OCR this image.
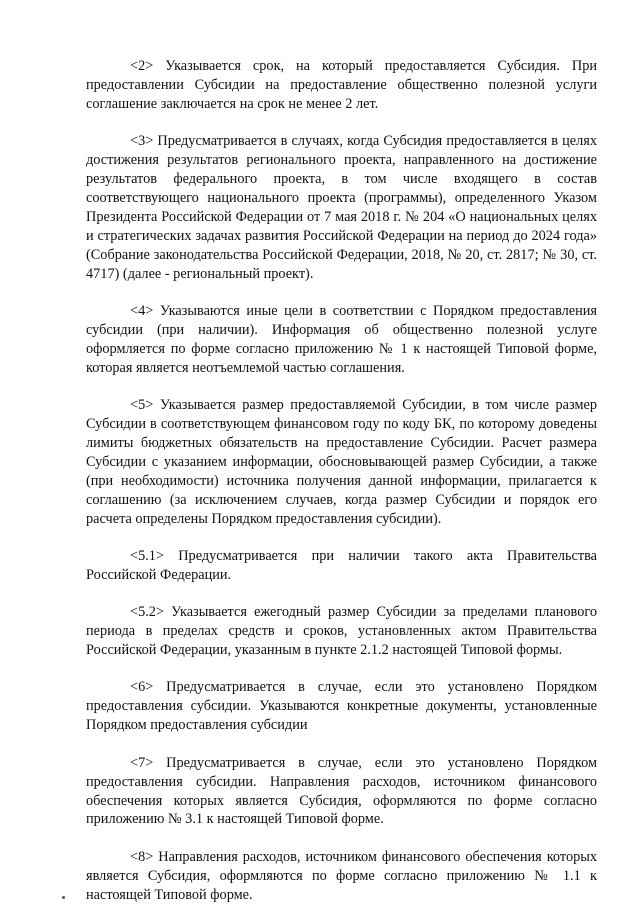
<2> Указывается срок, на который предоставляется Субсидия. При предоставлении Субсидии на предоставление общественно полезной услуги соглашение заключается на срок не менее 2 лет.

<3> Предусматривается в случаях, когда Субсидия предоставляется в целях достижения результатов регионального проекта, направленного на достижение результатов федерального проекта, в том числе входящего в состав соответствующего национального проекта (программы), определенного Указом Президента Российской Федерации от 7 мая 2018 г. № 204 «О национальных целях и стратегических задачах развития Российской Федерации на период до 2024 года» (Собрание законодательства Российской Федерации, 2018, № 20, ст. 2817; № 30, ст. 4717) (далее - региональный проект).

<4> Указываются иные цели в соответствии с Порядком предоставления субсидии (при наличии). Информация об общественно полезной услуге оформляется по форме согласно приложению № 1 к настоящей Типовой форме, которая является неотъемлемой частью соглашения.

<5> Указывается размер предоставляемой Субсидии, в том числе размер Субсидии в соответствующем финансовом году по коду БК, по которому доведены лимиты бюджетных обязательств на предоставление Субсидии. Расчет размера Субсидии с указанием информации, обосновывающей размер Субсидии, а также (при необходимости) источника получения данной информации, прилагается к соглашению (за исключением случаев, когда размер Субсидии и порядок его расчета определены Порядком предоставления субсидии).

<5.1> Предусматривается при наличии такого акта Правительства Российской Федерации.

<5.2> Указывается ежегодный размер Субсидии за пределами планового периода в пределах средств и сроков, установленных актом Правительства Российской Федерации, указанным в пункте 2.1.2 настоящей Типовой формы.

<6> Предусматривается в случае, если это установлено Порядком предоставления субсидии. Указываются конкретные документы, установленные Порядком предоставления субсидии

<7> Предусматривается в случае, если это установлено Порядком предоставления субсидии. Направления расходов, источником финансового обеспечения которых является Субсидия, оформляются по форме согласно приложению № 3.1 к настоящей Типовой форме.

<8> Направления расходов, источником финансового обеспечения которых является Субсидия, оформляются по форме согласно приложению № 1.1 к настоящей Типовой форме.
